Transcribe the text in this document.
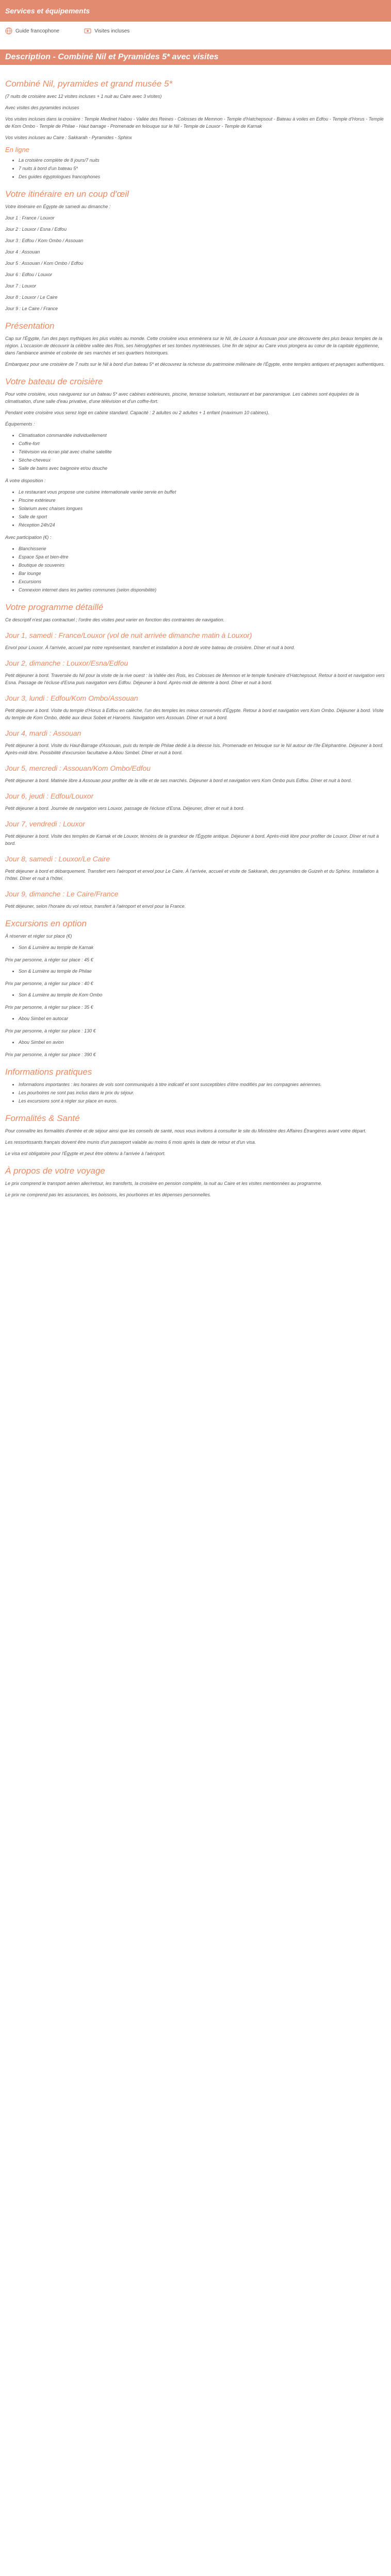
Services et équipements
Guide francophone	Visites incluses
Description - Combiné Nil et Pyramides 5* avec visites
Combiné Nil, pyramides et grand musée 5*

(7 nuits de croisière avec 12 visites incluses + 1 nuit au Caire avec 3 visites)

Avec visites des pyramides incluses

Vos visites incluses dans la croisière : Temple Medinet Habou - Vallée des Reines - Colosses de Memnon - Temple d'Hatchepsout - Bateau à voiles en Edfou - Temple d'Horus - Temple de Kom Ombo - Temple de Philae - Haut barrage - Promenade en felouque sur le Nil - Temple de Louxor - Temple de Karnak

Vos visites incluses au Caire : Sakkarah - Pyramides - Sphinx

En ligne
• La croisière complète de 8 jours/7 nuits
• 7 nuits à bord d'un bateau 5*
• Des guides égyptologues francophones
Votre itinéraire en un coup d'œil

Votre itinéraire en Égypte de samedi au dimanche :

Jour 1 : France / Louxor

Jour 2 : Louxor / Esna / Edfou

Jour 3 : Edfou / Kom Ombo / Assouan

Jour 4 : Assouan

Jour 5 : Assouan / Kom Ombo / Edfou

Jour 6 : Edfou / Louxor

Jour 7 : Louxor

Jour 8 : Louxor / Le Caire

Jour 9 : Le Caire / France

Présentation

Cap sur l'Égypte, l'un des pays mythiques les plus visités au monde. Cette croisière vous emmènera sur le Nil, de Louxor à Assouan pour une découverte des plus beaux temples de la région. L'occasion de découvrir la célèbre vallée des Rois, ses hiéroglyphes et ses tombes mystérieuses. Une fin de séjour au Caire vous plongera au cœur de la capitale égyptienne, dans l'ambiance animée et colorée de ses marchés et ses quartiers historiques.

Embarquez pour une croisière de 7 nuits sur le Nil à bord d'un bateau 5* et découvrez la richesse du patrimoine millénaire de l'Égypte, entre temples antiques et paysages authentiques.

Votre bateau de croisière

Pour votre croisière, vous naviguerez sur un bateau 5* avec cabines extérieures, piscine, terrasse solarium, restaurant et bar panoramique. Les cabines sont équipées de la climatisation, d'une salle d'eau privative, d'une télévision et d'un coffre-fort.

Pendant votre croisière vous serez logé en cabine standard. Capacité : 2 adultes ou 2 adultes + 1 enfant (maximum 10 cabines).

Équipements :

• Climatisation commandée individuellement
• Coffre-fort
• Télévision via écran plat avec chaîne satellite
• Sèche-cheveux
• Salle de bains avec baignoire et/ou douche

À votre disposition :

• Le restaurant vous propose une cuisine internationale variée servie en buffet
• Piscine extérieure
• Solarium avec chaises longues
• Salle de sport
• Réception 24h/24

Avec participation (€) :

• Blanchisserie
• Espace Spa et bien-être
• Boutique de souvenirs
• Bar lounge
• Excursions
• Connexion internet dans les parties communes (selon disponibilité)
Votre programme détaillé

Ce descriptif n'est pas contractuel ; l'ordre des visites peut varier en fonction des contraintes de navigation.

Jour 1, samedi : France/Louxor (vol de nuit arrivée dimanche matin à Louxor)

Envol pour Louxor. À l'arrivée, accueil par notre représentant, transfert et installation à bord de votre bateau de croisière. Dîner et nuit à bord.

Jour 2, dimanche : Louxor/Esna/Edfou

Petit déjeuner à bord. Traversée du Nil pour la visite de la rive ouest : la Vallée des Rois, les Colosses de Memnon et le temple funéraire d'Hatchepsout. Retour à bord et navigation vers Esna. Passage de l'écluse d'Esna puis navigation vers Edfou. Déjeuner à bord. Après-midi de détente à bord. Dîner et nuit à bord.

Jour 3, lundi : Edfou/Kom Ombo/Assouan

Petit déjeuner à bord. Visite du temple d'Horus à Edfou en calèche, l'un des temples les mieux conservés d'Égypte. Retour à bord et navigation vers Kom Ombo. Déjeuner à bord. Visite du temple de Kom Ombo, dédié aux dieux Sobek et Haroéris. Navigation vers Assouan. Dîner et nuit à bord.

Jour 4, mardi : Assouan

Petit déjeuner à bord. Visite du Haut-Barrage d'Assouan, puis du temple de Philae dédié à la déesse Isis. Promenade en felouque sur le Nil autour de l'île Éléphantine. Déjeuner à bord. Après-midi libre. Possibilité d'excursion facultative à Abou Simbel. Dîner et nuit à bord.

Jour 5, mercredi : Assouan/Kom Ombo/Edfou

Petit déjeuner à bord. Matinée libre à Assouan pour profiter de la ville et de ses marchés. Déjeuner à bord et navigation vers Kom Ombo puis Edfou. Dîner et nuit à bord.

Jour 6, jeudi : Edfou/Louxor

Petit déjeuner à bord. Journée de navigation vers Louxor, passage de l'écluse d'Esna. Déjeuner, dîner et nuit à bord.

Jour 7, vendredi : Louxor

Petit déjeuner à bord. Visite des temples de Karnak et de Louxor, témoins de la grandeur de l'Égypte antique. Déjeuner à bord. Après-midi libre pour profiter de Louxor. Dîner et nuit à bord.

Jour 8, samedi : Louxor/Le Caire

Petit déjeuner à bord et débarquement. Transfert vers l'aéroport et envol pour Le Caire. À l'arrivée, accueil et visite de Sakkarah, des pyramides de Guizeh et du Sphinx. Installation à l'hôtel. Dîner et nuit à l'hôtel.

Jour 9, dimanche : Le Caire/France

Petit déjeuner, selon l'horaire du vol retour, transfert à l'aéroport et envol pour la France.

Excursions en option

À réserver et régler sur place (€)

• Son & Lumière au temple de Karnak

Prix par personne, à régler sur place : 45 €

• Son & Lumière au temple de Philae

Prix par personne, à régler sur place : 40 €

• Son & Lumière au temple de Kom Ombo

Prix par personne, à régler sur place : 35 €

• Abou Simbel en autocar

Prix par personne, à régler sur place : 130 €

• Abou Simbel en avion

Prix par personne, à régler sur place : 390 €

Informations pratiques
• Informations importantes : les horaires de vols sont communiqués à titre indicatif et sont susceptibles d'être modifiés par les compagnies aériennes.
• Les pourboires ne sont pas inclus dans le prix du séjour.
• Les excursions sont à régler sur place en euros.
Formalités & Santé

Pour connaître les formalités d'entrée et de séjour ainsi que les conseils de santé, nous vous invitons à consulter le site du Ministère des Affaires Étrangères avant votre départ.

Les ressortissants français doivent être munis d'un passeport valable au moins 6 mois après la date de retour et d'un visa.

Le visa est obligatoire pour l'Égypte et peut être obtenu à l'arrivée à l'aéroport.

À propos de votre voyage

Le prix comprend le transport aérien aller/retour, les transferts, la croisière en pension complète, la nuit au Caire et les visites mentionnées au programme.

Le prix ne comprend pas les assurances, les boissons, les pourboires et les dépenses personnelles.
